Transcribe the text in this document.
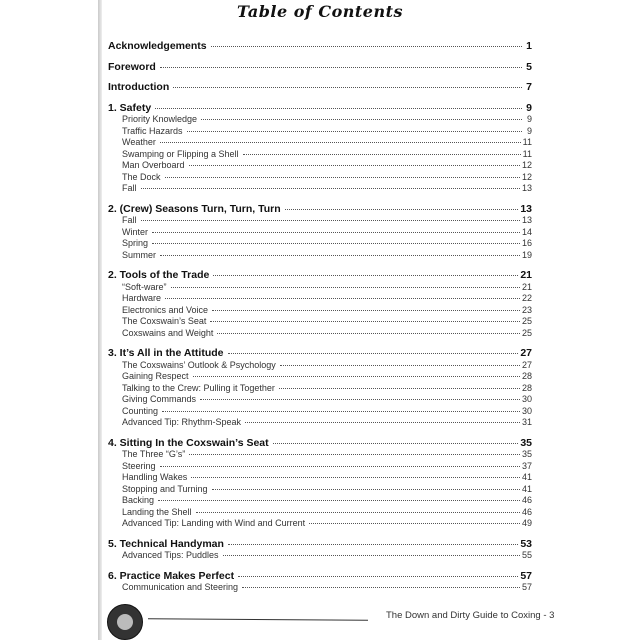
Table of Contents
Acknowledgements	1
Foreword	5
Introduction	7
1. Safety	9
Priority Knowledge	9
Traffic Hazards	9
Weather	11
Swamping or Flipping a Shell	11
Man Overboard	12
The Dock	12
Fall	13
2. (Crew) Seasons Turn, Turn, Turn	13
Fall	13
Winter	14
Spring	16
Summer	19
2. Tools of the Trade	21
“Soft-ware”	21
Hardware	22
Electronics and Voice	23
The Coxswain’s Seat	25
Coxswains and Weight	25
3. It’s All in the Attitude	27
The Coxswains’ Outlook & Psychology	27
Gaining Respect	28
Talking to the Crew: Pulling it Together	28
Giving Commands	30
Counting	30
Advanced Tip: Rhythm-Speak	31
4. Sitting In the Coxswain’s Seat	35
The Three “G’s”	35
Steering	37
Handling Wakes	41
Stopping and Turning	41
Backing	46
Landing the Shell	46
Advanced Tip: Landing with Wind and Current	49
5. Technical Handyman	53
Advanced Tips: Puddles	55
6. Practice Makes Perfect	57
Communication and Steering	57
The Down and Dirty Guide to Coxing - 3
